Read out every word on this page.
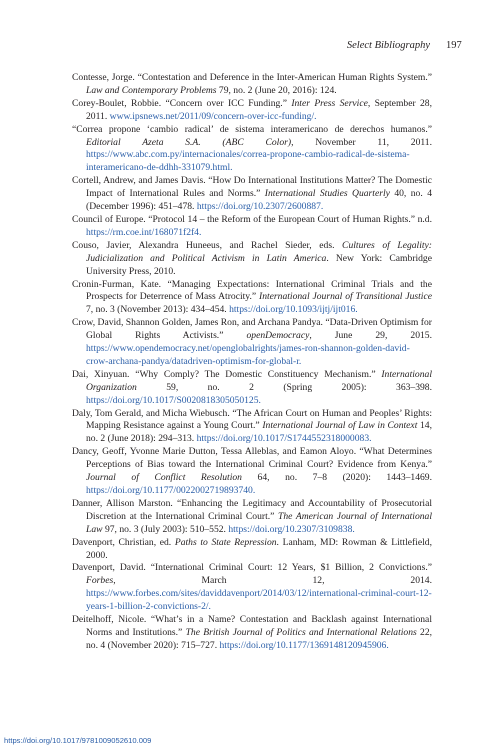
Select Bibliography 197

Contesse, Jorge. “Contestation and Deference in the Inter-American Human Rights System.” Law and Contemporary Problems 79, no. 2 (June 20, 2016): 124.

Corey-Boulet, Robbie. “Concern over ICC Funding.” Inter Press Service, September 28, 2011. www.ipsnews.net/2011/09/concern-over-icc-funding/.

“Correa propone ‘cambio radical’ de sistema interamericano de derechos humanos.” Editorial Azeta S.A. (ABC Color), November 11, 2011. https://www.abc.com.py/internacionales/correa-propone-cambio-radical-de-sistema-interamericano-de-ddhh-331079.html.

Cortell, Andrew, and James Davis. “How Do International Institutions Matter? The Domestic Impact of International Rules and Norms.” International Studies Quarterly 40, no. 4 (December 1996): 451–478. https://doi.org/10.2307/2600887.

Council of Europe. “Protocol 14 – the Reform of the European Court of Human Rights.” n.d. https://rm.coe.int/168071f2f4.

Couso, Javier, Alexandra Huneeus, and Rachel Sieder, eds. Cultures of Legality: Judicialization and Political Activism in Latin America. New York: Cambridge University Press, 2010.

Cronin-Furman, Kate. “Managing Expectations: International Criminal Trials and the Prospects for Deterrence of Mass Atrocity.” International Journal of Transitional Justice 7, no. 3 (November 2013): 434–454. https://doi.org/10.1093/ijtj/ijt016.

Crow, David, Shannon Golden, James Ron, and Archana Pandya. “Data-Driven Optimism for Global Rights Activists.” openDemocracy, June 29, 2015. https://www.opendemocracy.net/openglobalrights/james-ron-shannon-golden-david-crow-archana-pandya/datadriven-optimism-for-global-r.

Dai, Xinyuan. “Why Comply? The Domestic Constituency Mechanism.” International Organization 59, no. 2 (Spring 2005): 363–398. https://doi.org/10.1017/S0020818305050125.

Daly, Tom Gerald, and Micha Wiebusch. “The African Court on Human and Peoples’ Rights: Mapping Resistance against a Young Court.” International Journal of Law in Context 14, no. 2 (June 2018): 294–313. https://doi.org/10.1017/S1744552318000083.

Dancy, Geoff, Yvonne Marie Dutton, Tessa Alleblas, and Eamon Aloyo. “What Determines Perceptions of Bias toward the International Criminal Court? Evidence from Kenya.” Journal of Conflict Resolution 64, no. 7–8 (2020): 1443–1469. https://doi.org/10.1177/0022002719893740.

Danner, Allison Marston. “Enhancing the Legitimacy and Accountability of Prosecutorial Discretion at the International Criminal Court.” The American Journal of International Law 97, no. 3 (July 2003): 510–552. https://doi.org/10.2307/3109838.

Davenport, Christian, ed. Paths to State Repression. Lanham, MD: Rowman & Littlefield, 2000.

Davenport, David. “International Criminal Court: 12 Years, $1 Billion, 2 Convictions.” Forbes, March 12, 2014. https://www.forbes.com/sites/daviddavenport/2014/03/12/international-criminal-court-12-years-1-billion-2-convictions-2/.

Deitelhoff, Nicole. “What’s in a Name? Contestation and Backlash against International Norms and Institutions.” The British Journal of Politics and International Relations 22, no. 4 (November 2020): 715–727. https://doi.org/10.1177/1369148120945906.

https://doi.org/10.1017/9781009052610.009
